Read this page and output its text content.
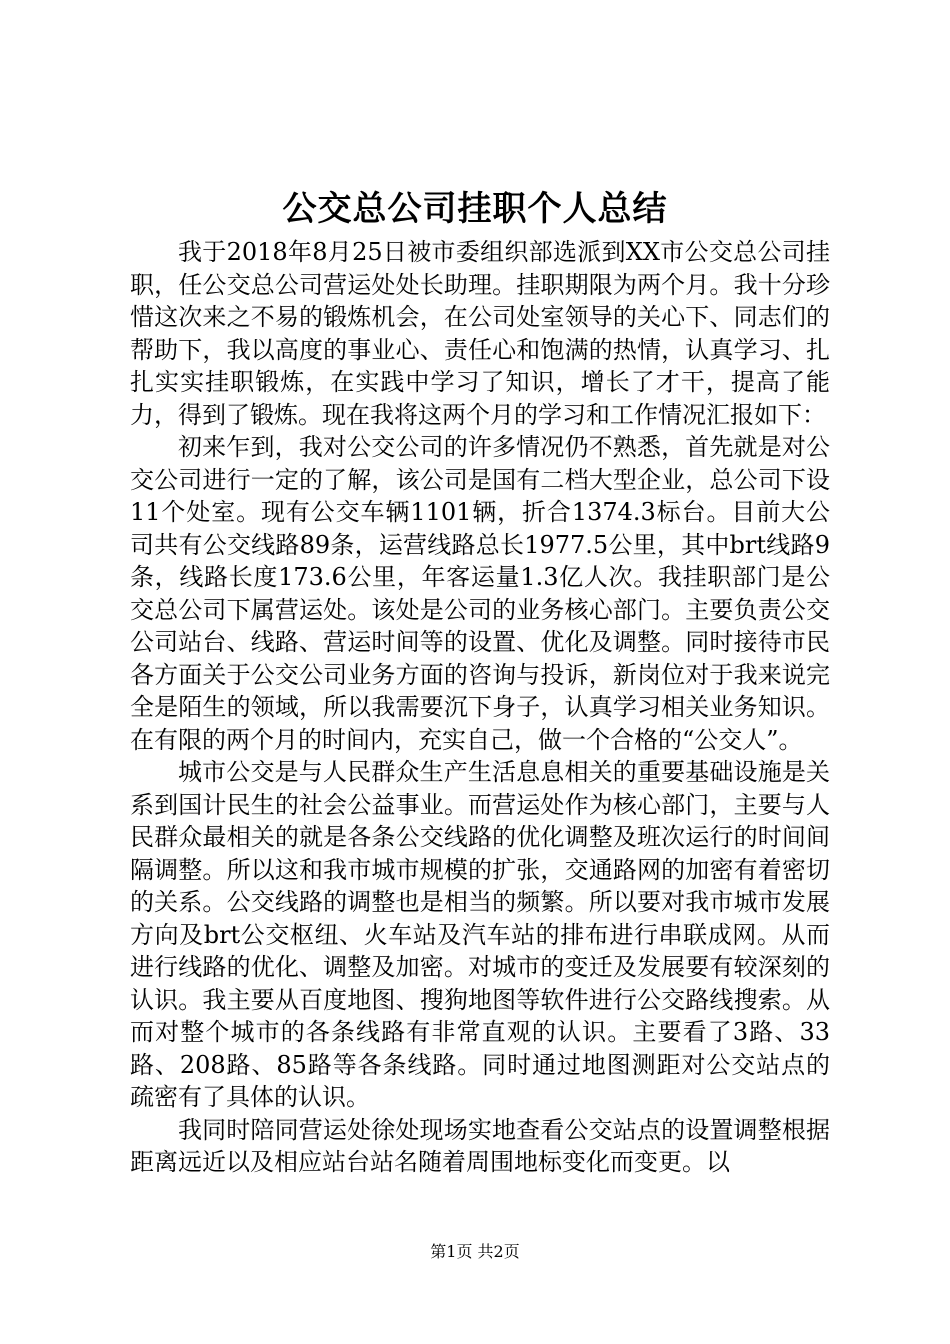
公交总公司挂职个人总结

我于2018年8月25日被市委组织部选派到XX市公交总公司挂职，任公交总公司营运处处长助理。挂职期限为两个月。我十分珍惜这次来之不易的锻炼机会，在公司处室领导的关心下、同志们的帮助下，我以高度的事业心、责任心和饱满的热情，认真学习、扎扎实实挂职锻炼，在实践中学习了知识，增长了才干，提高了能力，得到了锻炼。现在我将这两个月的学习和工作情况汇报如下：

初来乍到，我对公交公司的许多情况仍不熟悉，首先就是对公交公司进行一定的了解，该公司是国有二档大型企业，总公司下设11个处室。现有公交车辆1101辆，折合1374.3标台。目前大公司共有公交线路89条，运营线路总长1977.5公里，其中brt线路9条，线路长度173.6公里，年客运量1.3亿人次。我挂职部门是公交总公司下属营运处。该处是公司的业务核心部门。主要负责公交公司站台、线路、营运时间等的设置、优化及调整。同时接待市民各方面关于公交公司业务方面的咨询与投诉，新岗位对于我来说完全是陌生的领域，所以我需要沉下身子，认真学习相关业务知识。在有限的两个月的时间内，充实自己，做一个合格的“公交人”。

城市公交是与人民群众生产生活息息相关的重要基础设施是关系到国计民生的社会公益事业。而营运处作为核心部门，主要与人民群众最相关的就是各条公交线路的优化调整及班次运行的时间间隔调整。所以这和我市城市规模的扩张，交通路网的加密有着密切的关系。公交线路的调整也是相当的频繁。所以要对我市城市发展方向及brt公交枢纽、火车站及汽车站的排布进行串联成网。从而进行线路的优化、调整及加密。对城市的变迁及发展要有较深刻的认识。我主要从百度地图、搜狗地图等软件进行公交路线搜索。从而对整个城市的各条线路有非常直观的认识。主要看了3路、33路、208路、85路等各条线路。同时通过地图测距对公交站点的疏密有了具体的认识。

我同时陪同营运处徐处现场实地查看公交站点的设置调整根据距离远近以及相应站台站名随着周围地标变化而变更。以

第1页 共2页
